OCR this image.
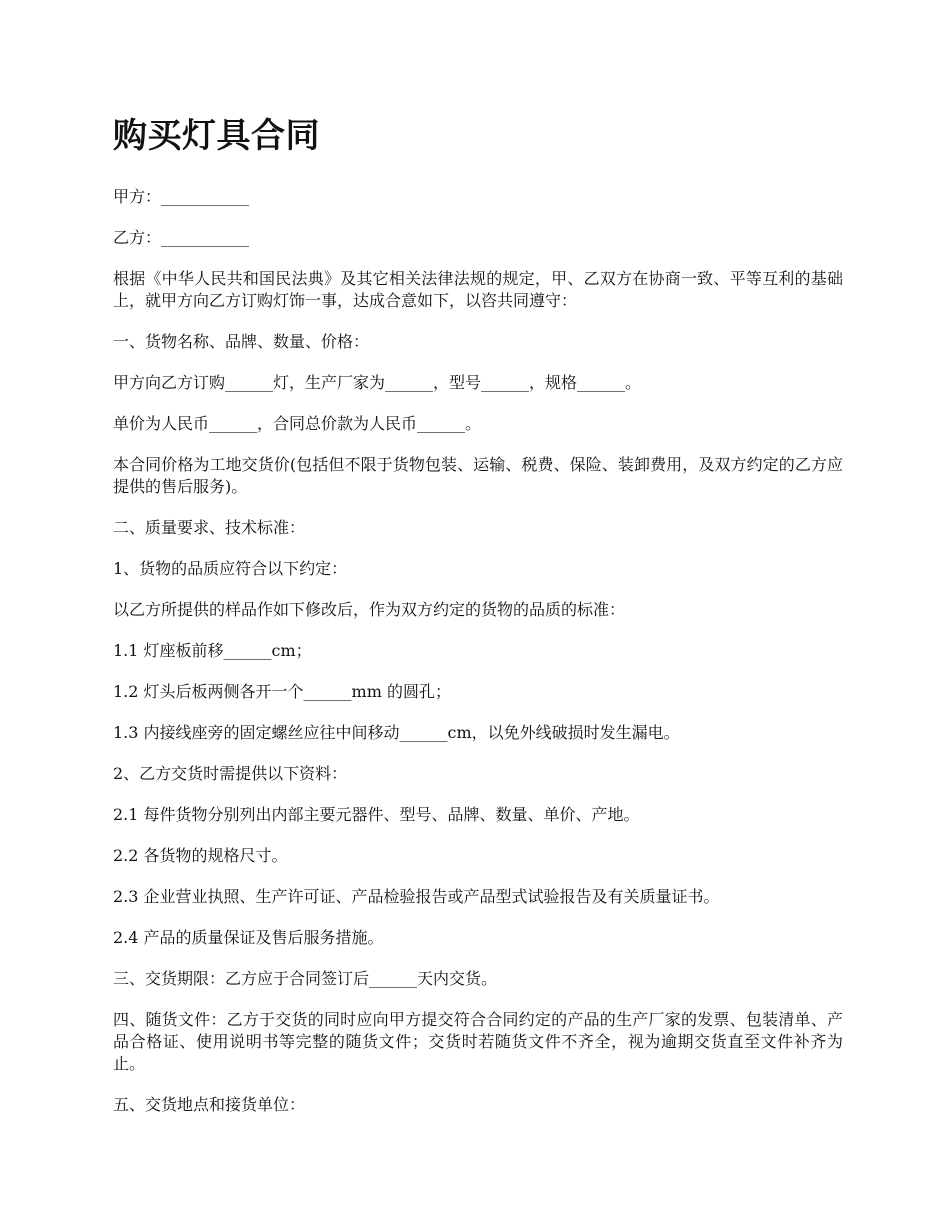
购买灯具合同

甲方：___________

乙方：___________

根据《中华人民共和国民法典》及其它相关法律法规的规定，甲、乙双方在协商一致、平等互利的基础上，就甲方向乙方订购灯饰一事，达成合意如下，以咨共同遵守：

一、货物名称、品牌、数量、价格：

甲方向乙方订购______灯，生产厂家为______，型号______，规格______。

单价为人民币______，合同总价款为人民币______。

本合同价格为工地交货价(包括但不限于货物包装、运输、税费、保险、装卸费用，及双方约定的乙方应提供的售后服务)。

二、质量要求、技术标准：

1、货物的品质应符合以下约定：

以乙方所提供的样品作如下修改后，作为双方约定的货物的品质的标准：

1.1 灯座板前移______cm；

1.2 灯头后板两侧各开一个______mm 的圆孔；

1.3 内接线座旁的固定螺丝应往中间移动______cm，以免外线破损时发生漏电。

2、乙方交货时需提供以下资料：

2.1 每件货物分别列出内部主要元器件、型号、品牌、数量、单价、产地。

2.2 各货物的规格尺寸。

2.3 企业营业执照、生产许可证、产品检验报告或产品型式试验报告及有关质量证书。

2.4 产品的质量保证及售后服务措施。

三、交货期限：乙方应于合同签订后______天内交货。

四、随货文件：乙方于交货的同时应向甲方提交符合合同约定的产品的生产厂家的发票、包装清单、产品合格证、使用说明书等完整的随货文件；交货时若随货文件不齐全，视为逾期交货直至文件补齐为止。

五、交货地点和接货单位：
